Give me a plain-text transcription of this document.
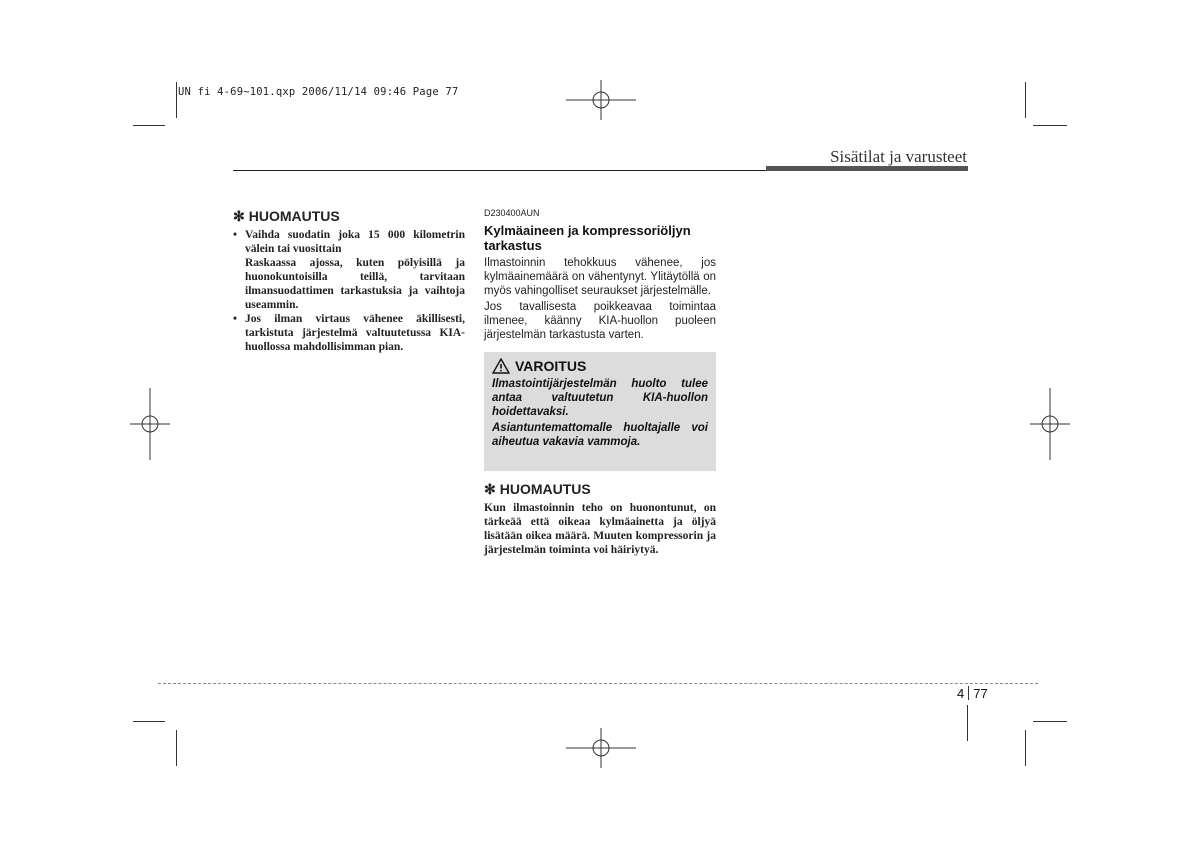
UN fi 4-69~101.qxp 2006/11/14 09:46 Page 77
Sisätilat ja varusteet
✻ HUOMAUTUS
• Vaihda suodatin joka 15 000 kilometrin välein tai vuosittain

Raskaassa ajossa, kuten pölyisillä ja huonokuntoisilla teillä, tarvitaan ilmansuodattimen tarkastuksia ja vaihtoja useammin.

• Jos ilman virtaus vähenee äkillisesti, tarkistuta järjestelmä valtuutetussa KIA-huollossa mahdollisimman pian.

D230400AUN
Kylmäaineen ja kompressoriöljyn tarkastus

Ilmastoinnin tehokkuus vähenee, jos kylmäainemäärä on vähentynyt. Ylitäytöllä on myös vahingolliset seuraukset järjestelmälle.

Jos tavallisesta poikkeavaa toimintaa ilmenee, käänny KIA-huollon puoleen järjestelmän tarkastusta varten.

VAROITUS

Ilmastointijärjestelmän huolto tulee antaa valtuutetun KIA-huollon hoidettavaksi.

Asiantuntemattomalle huoltajalle voi aiheutua vakavia vammoja.

✻ HUOMAUTUS

Kun ilmastoinnin teho on huonontunut, on tärkeää että oikeaa kylmäainetta ja öljyä lisätään oikea määrä. Muuten kompressorin ja järjestelmän toiminta voi häiriytyä.

4 77
